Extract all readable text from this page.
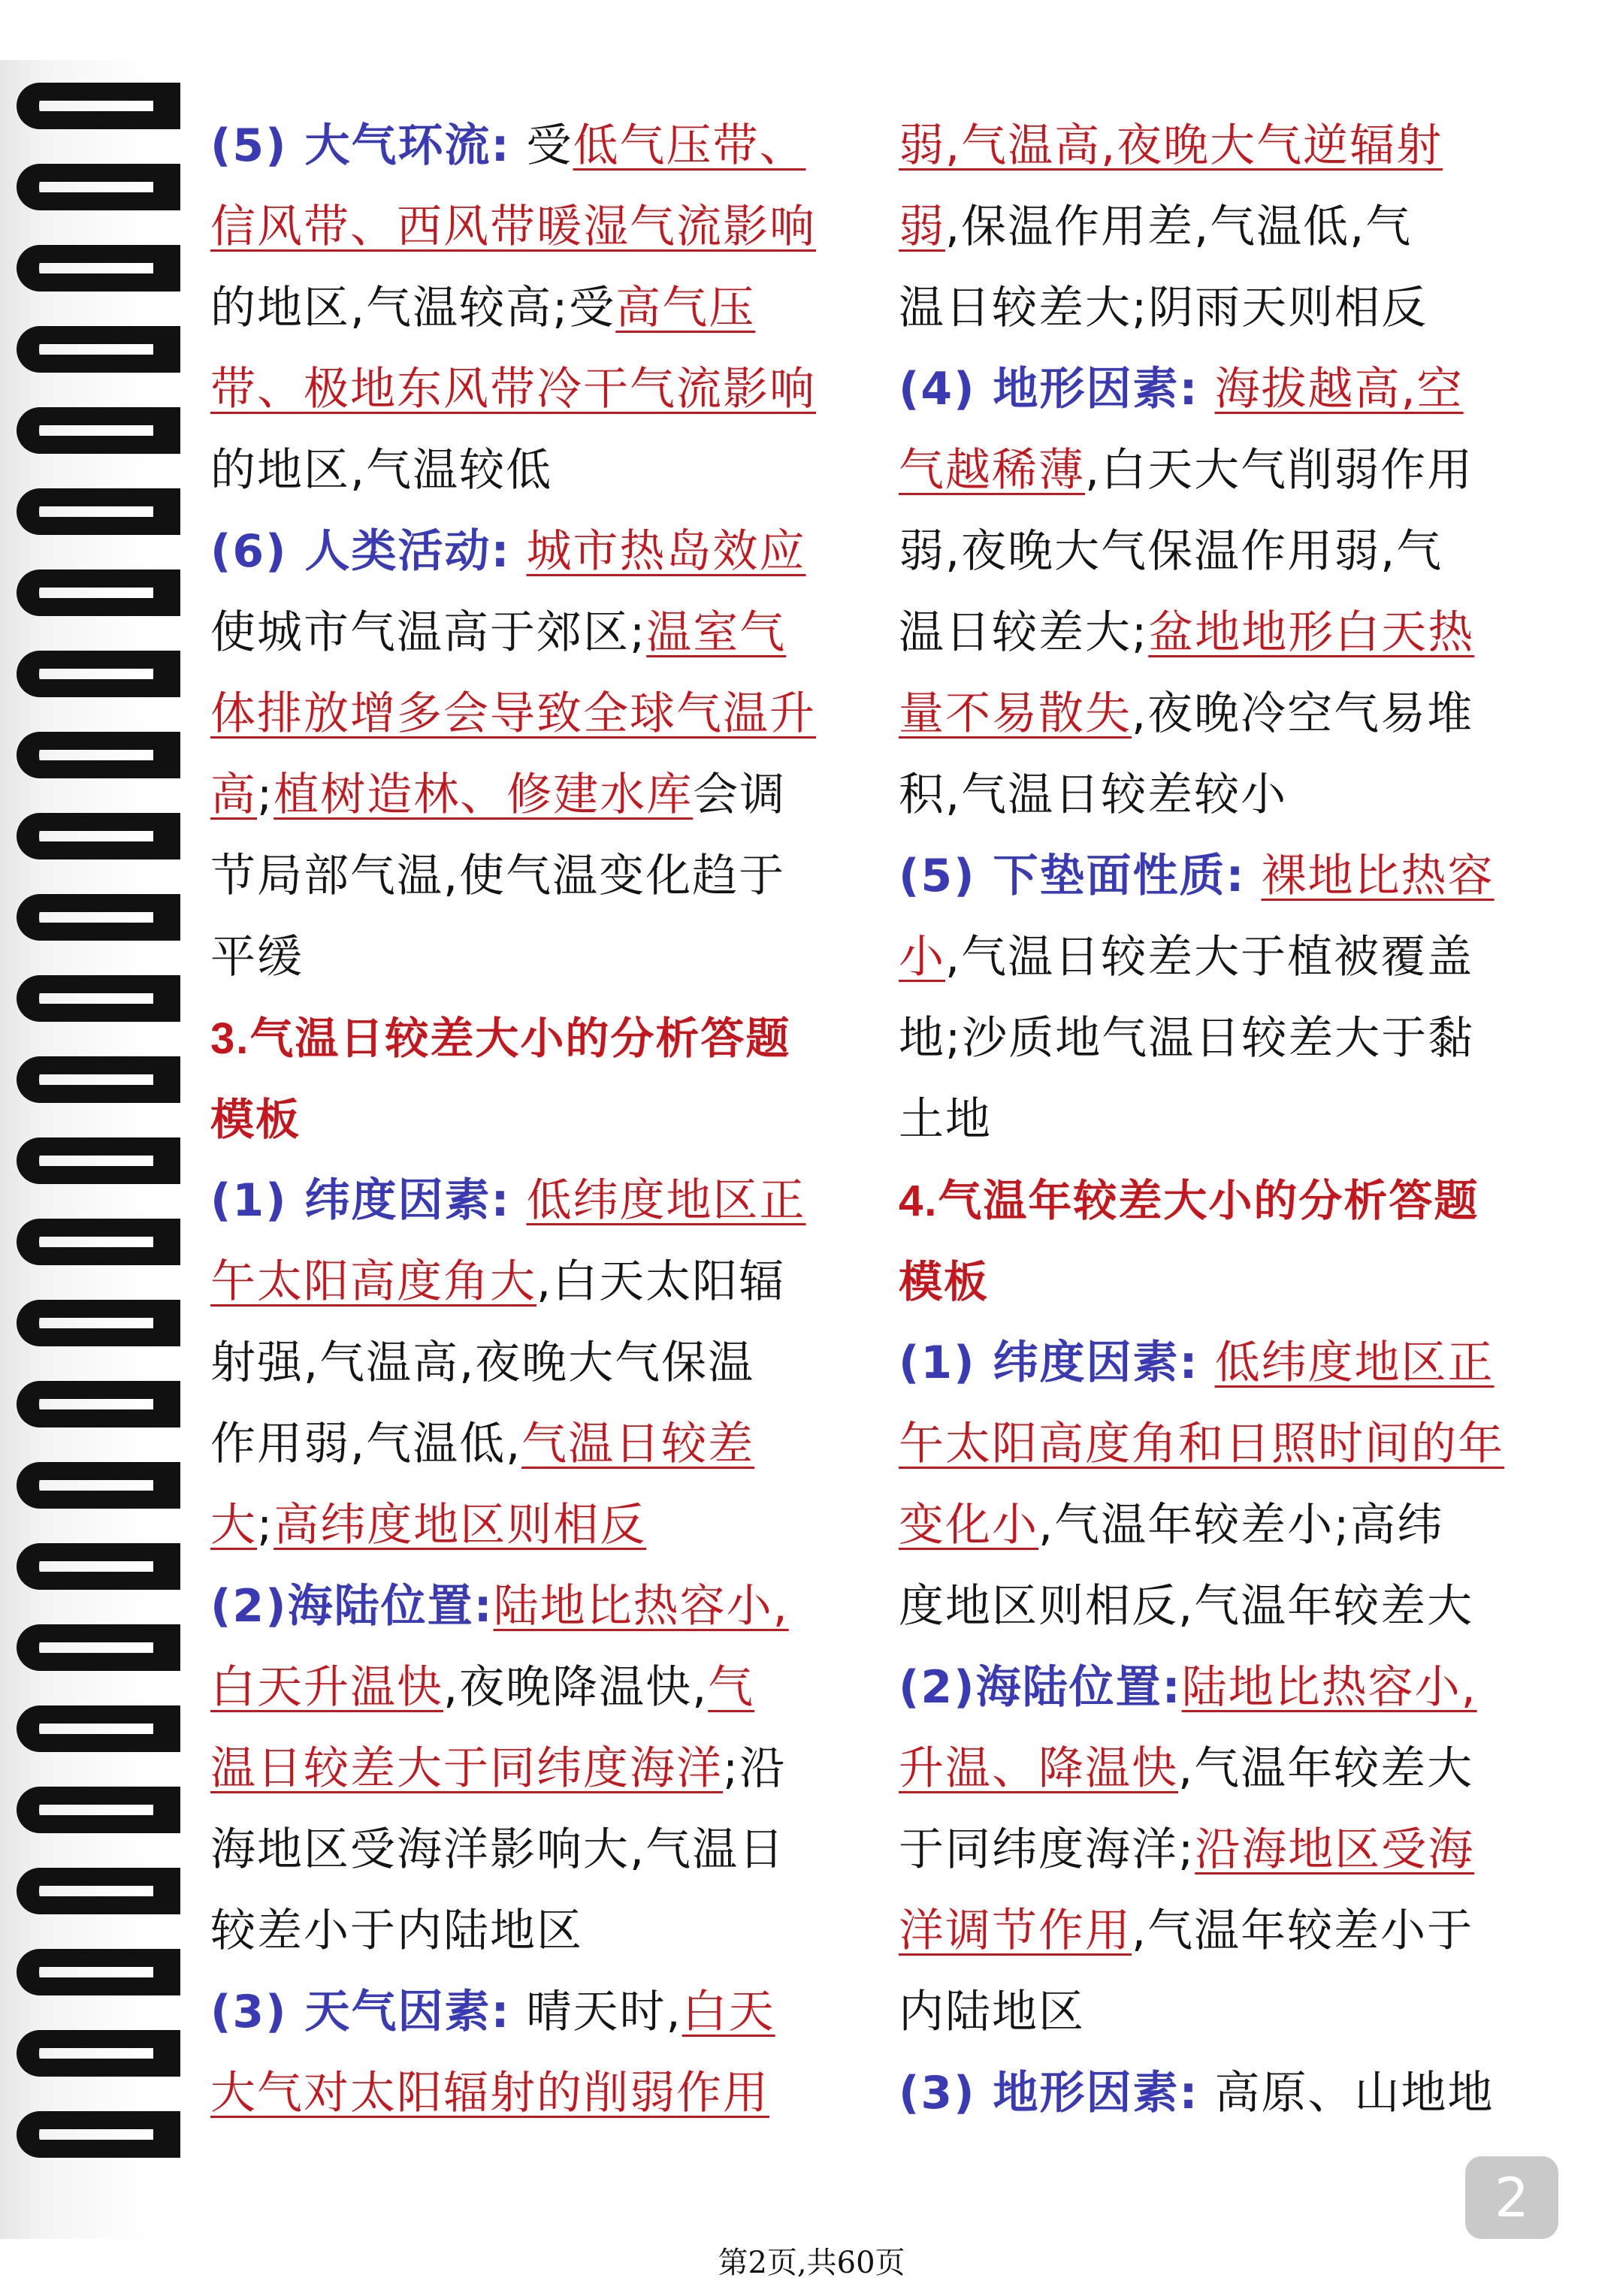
(5) 大气环流: 受低气压带、
信风带、西风带暖湿气流影响
的地区,气温较高;受高气压
带、极地东风带冷干气流影响
的地区,气温较低
(6) 人类活动: 城市热岛效应
使城市气温高于郊区;温室气
体排放增多会导致全球气温升
高;植树造林、修建水库会调
节局部气温,使气温变化趋于
平缓
3.气温日较差大小的分析答题
模板
(1) 纬度因素: 低纬度地区正
午太阳高度角大,白天太阳辐
射强,气温高,夜晚大气保温
作用弱,气温低,气温日较差
大;高纬度地区则相反
(2)海陆位置:陆地比热容小,
白天升温快,夜晚降温快,气
温日较差大于同纬度海洋;沿
海地区受海洋影响大,气温日
较差小于内陆地区
(3) 天气因素: 晴天时,白天
大气对太阳辐射的削弱作用
弱,气温高,夜晚大气逆辐射
弱,保温作用差,气温低,气
温日较差大;阴雨天则相反
(4) 地形因素: 海拔越高,空
气越稀薄,白天大气削弱作用
弱,夜晚大气保温作用弱,气
温日较差大;盆地地形白天热
量不易散失,夜晚冷空气易堆
积,气温日较差较小
(5) 下垫面性质: 裸地比热容
小,气温日较差大于植被覆盖
地;沙质地气温日较差大于黏
土地
4.气温年较差大小的分析答题
模板
(1) 纬度因素: 低纬度地区正
午太阳高度角和日照时间的年
变化小,气温年较差小;高纬
度地区则相反,气温年较差大
(2)海陆位置:陆地比热容小,
升温、降温快,气温年较差大
于同纬度海洋;沿海地区受海
洋调节作用,气温年较差小于
内陆地区
(3) 地形因素: 高原、山地地
2
第2页,共60页
